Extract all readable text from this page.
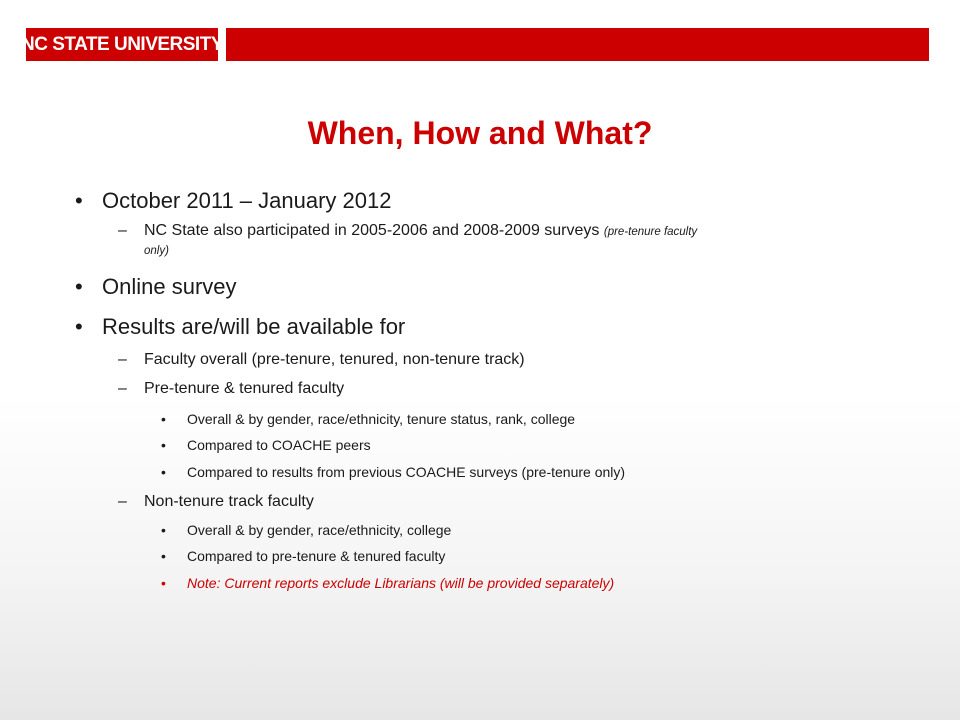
NC STATE UNIVERSITY
When, How and What?
• October 2011 – January 2012
– NC State also participated in 2005-2006 and 2008-2009 surveys (pre-tenure faculty
only)
• Online survey
• Results are/will be available for
– Faculty overall (pre-tenure, tenured, non-tenure track)
– Pre-tenure & tenured faculty
• Overall & by gender, race/ethnicity, tenure status, rank, college
• Compared to COACHE peers
• Compared to results from previous COACHE surveys (pre-tenure only)
– Non-tenure track faculty
• Overall & by gender, race/ethnicity, college
• Compared to pre-tenure & tenured faculty
• Note: Current reports exclude Librarians (will be provided separately)
